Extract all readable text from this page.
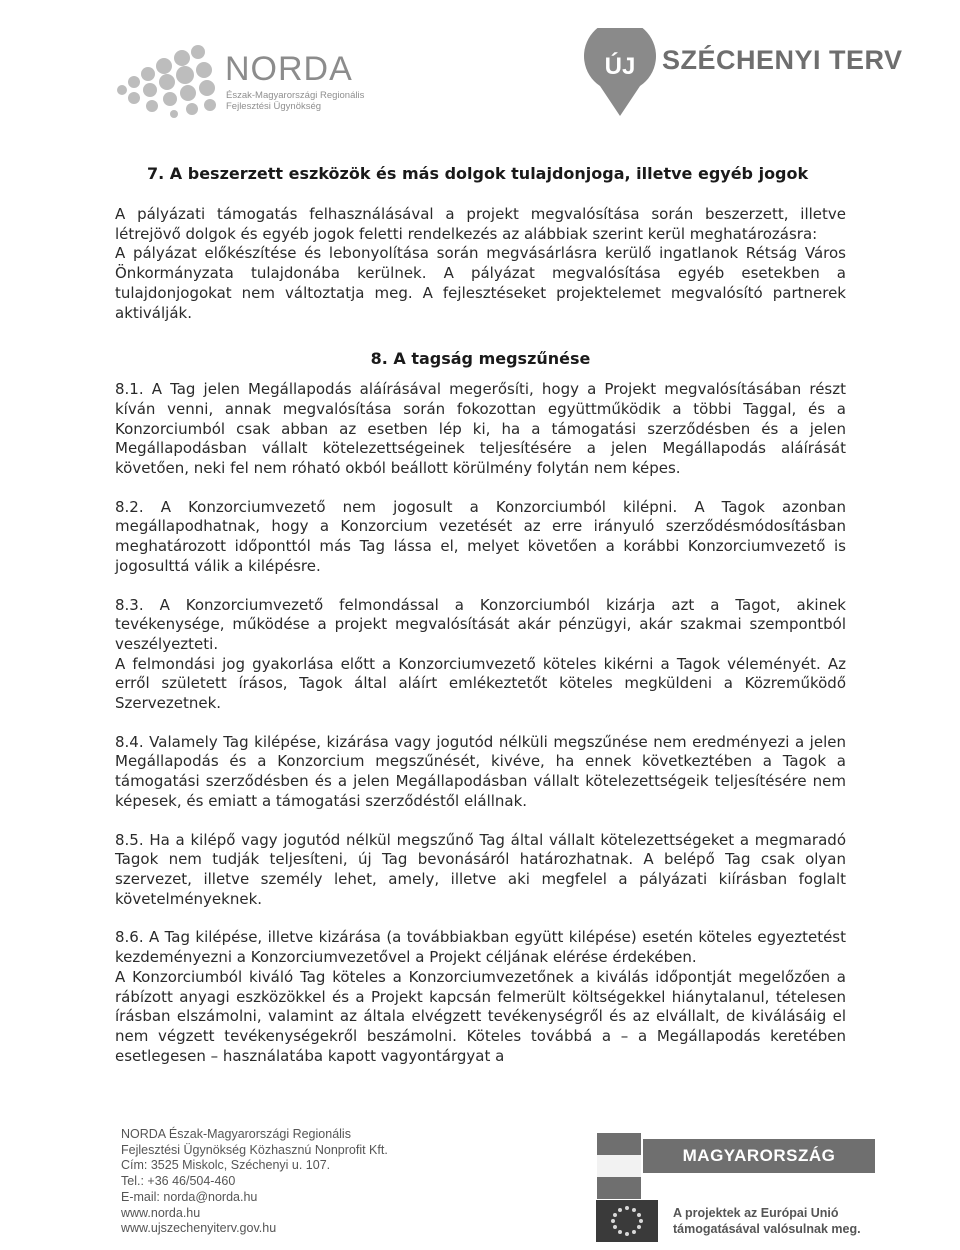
NORDA
Észak-Magyarországi Regionális
Fejlesztési Ügynökség
ÚJ SZÉCHENYI TERV
7. A beszerzett eszközök és más dolgok tulajdonjoga, illetve egyéb jogok

A pályázati támogatás felhasználásával a projekt megvalósítása során beszerzett, illetve létrejövő dolgok és egyéb jogok feletti rendelkezés az alábbiak szerint kerül meghatározásra:

A pályázat előkészítése és lebonyolítása során megvásárlásra kerülő ingatlanok Rétság Város Önkormányzata tulajdonába kerülnek. A pályázat megvalósítása egyéb esetekben a tulajdonjogokat nem változtatja meg. A fejlesztéseket projektelemet megvalósító partnerek aktiválják.

8. A tagság megszűnése

8.1. A Tag jelen Megállapodás aláírásával megerősíti, hogy a Projekt megvalósításában részt kíván venni, annak megvalósítása során fokozottan együttműködik a többi Taggal, és a Konzorciumból csak abban az esetben lép ki, ha a támogatási szerződésben és a jelen Megállapodásban vállalt kötelezettségeinek teljesítésére a jelen Megállapodás aláírását követően, neki fel nem róható okból beállott körülmény folytán nem képes.

8.2. A Konzorciumvezető nem jogosult a Konzorciumból kilépni. A Tagok azonban megállapodhatnak, hogy a Konzorcium vezetését az erre irányuló szerződésmódosításban meghatározott időponttól más Tag lássa el, melyet követően a korábbi Konzorciumvezető is jogosulttá válik a kilépésre.

8.3. A Konzorciumvezető felmondással a Konzorciumból kizárja azt a Tagot, akinek tevékenysége, működése a projekt megvalósítását akár pénzügyi, akár szakmai szempontból veszélyezteti.

A felmondási jog gyakorlása előtt a Konzorciumvezető köteles kikérni a Tagok véleményét. Az erről született írásos, Tagok által aláírt emlékeztetőt köteles megküldeni a Közreműködő Szervezetnek.

8.4. Valamely Tag kilépése, kizárása vagy jogutód nélküli megszűnése nem eredményezi a jelen Megállapodás és a Konzorcium megszűnését, kivéve, ha ennek következtében a Tagok a támogatási szerződésben és a jelen Megállapodásban vállalt kötelezettségeik teljesítésére nem képesek, és emiatt a támogatási szerződéstől elállnak.

8.5. Ha a kilépő vagy jogutód nélkül megszűnő Tag által vállalt kötelezettségeket a megmaradó Tagok nem tudják teljesíteni, új Tag bevonásáról határozhatnak. A belépő Tag csak olyan szervezet, illetve személy lehet, amely, illetve aki megfelel a pályázati kiírásban foglalt követelményeknek.

8.6. A Tag kilépése, illetve kizárása (a továbbiakban együtt kilépése) esetén köteles egyeztetést kezdeményezni a Konzorciumvezetővel a Projekt céljának elérése érdekében.

A Konzorciumból kiváló Tag köteles a Konzorciumvezetőnek a kiválás időpontját megelőzően a rábízott anyagi eszközökkel és a Projekt kapcsán felmerült költségekkel hiánytalanul, tételesen írásban elszámolni, valamint az általa elvégzett tevékenységről és az elvállalt, de kiválásáig el nem végzett tevékenységekről beszámolni. Köteles továbbá a – a Megállapodás keretében esetlegesen – használatába kapott vagyontárgyat a

NORDA Észak-Magyarországi Regionális
Fejlesztési Ügynökség Közhasznú Nonprofit Kft.
Cím: 3525 Miskolc, Széchenyi u. 107.
Tel.: +36 46/504-460
E-mail: norda@norda.hu
www.norda.hu
www.ujszechenyiterv.gov.hu
MAGYARORSZÁG MEGÚJUL
A projektek az Európai Unió
támogatásával valósulnak meg.
